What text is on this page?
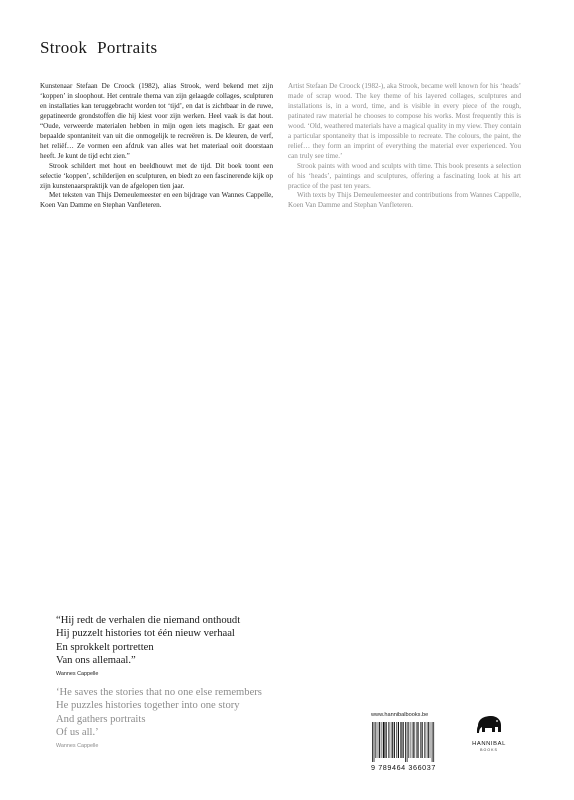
Strook Portraits

Kunstenaar Stefaan De Croock (1982), alias Strook, werd bekend met zijn ‘koppen’ in sloophout. Het centrale thema van zijn gelaagde collages, sculpturen en installaties kan teruggebracht worden tot ‘tijd’, en dat is zichtbaar in de ruwe, gepatineerde grondstoffen die hij kiest voor zijn werken. Heel vaak is dat hout. “Oude, verweerde materialen hebben in mijn ogen iets magisch. Er gaat een bepaalde spontaniteit van uit die onmogelijk te recreëren is. De kleuren, de verf, het reliëf… Ze vormen een afdruk van alles wat het materiaal ooit doorstaan heeft. Je kunt de tijd echt zien.”

Strook schildert met hout en beeldhouwt met de tijd. Dit boek toont een selectie ‘koppen’, schilderijen en sculpturen, en biedt zo een fascinerende kijk op zijn kunstenaarspraktijk van de afgelopen tien jaar.

Met teksten van Thijs Demeulemeester en een bijdrage van Wannes Cappelle, Koen Van Damme en Stephan Vanfleteren.

Artist Stefaan De Croock (1982-), aka Strook, became well known for his ‘heads’ made of scrap wood. The key theme of his layered collages, sculptures and installations is, in a word, time, and is visible in every piece of the rough, patinated raw material he chooses to compose his works. Most frequently this is wood. ‘Old, weathered materials have a magical quality in my view. They contain a particular spontaneity that is impossible to recreate. The colours, the paint, the relief… they form an imprint of everything the material ever experienced. You can truly see time.’

Strook paints with wood and sculpts with time. This book presents a selection of his ‘heads’, paintings and sculptures, offering a fascinating look at his art practice of the past ten years.

With texts by Thijs Demeulemeester and contributions from Wannes Cappelle, Koen Van Damme and Stephan Vanfleteren.

“Hij redt de verhalen die niemand onthoudt
Hij puzzelt histories tot één nieuw verhaal
En sprokkelt portretten
Van ons allemaal.”
Wannes Cappelle
‘He saves the stories that no one else remembers
He puzzles histories together into one story
And gathers portraits
Of us all.’
Wannes Cappelle
www.hannibalbooks.be
9 789464 366037
HANNIBAL
BOOKS
